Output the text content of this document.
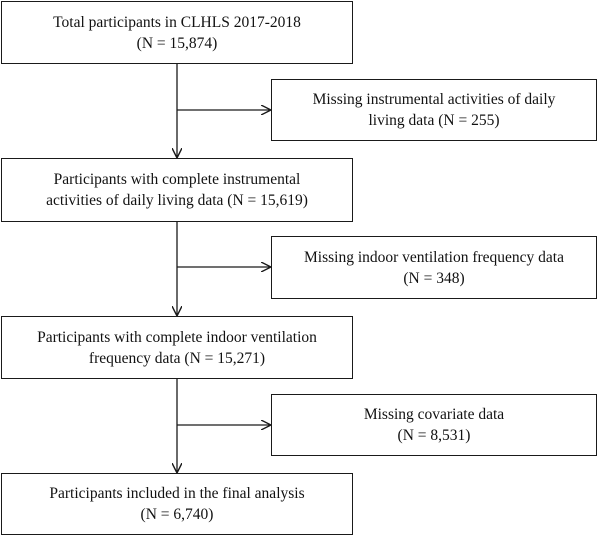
Total participants in CLHLS 2017-2018
(N = 15,874)
Participants with complete instrumental
activities of daily living data (N = 15,619)
Participants with complete indoor ventilation
frequency data (N = 15,271)
Participants included in the final analysis
(N = 6,740)
Missing instrumental activities of daily
living data (N = 255)
Missing indoor ventilation frequency data
(N = 348)
Missing covariate data
(N = 8,531)
